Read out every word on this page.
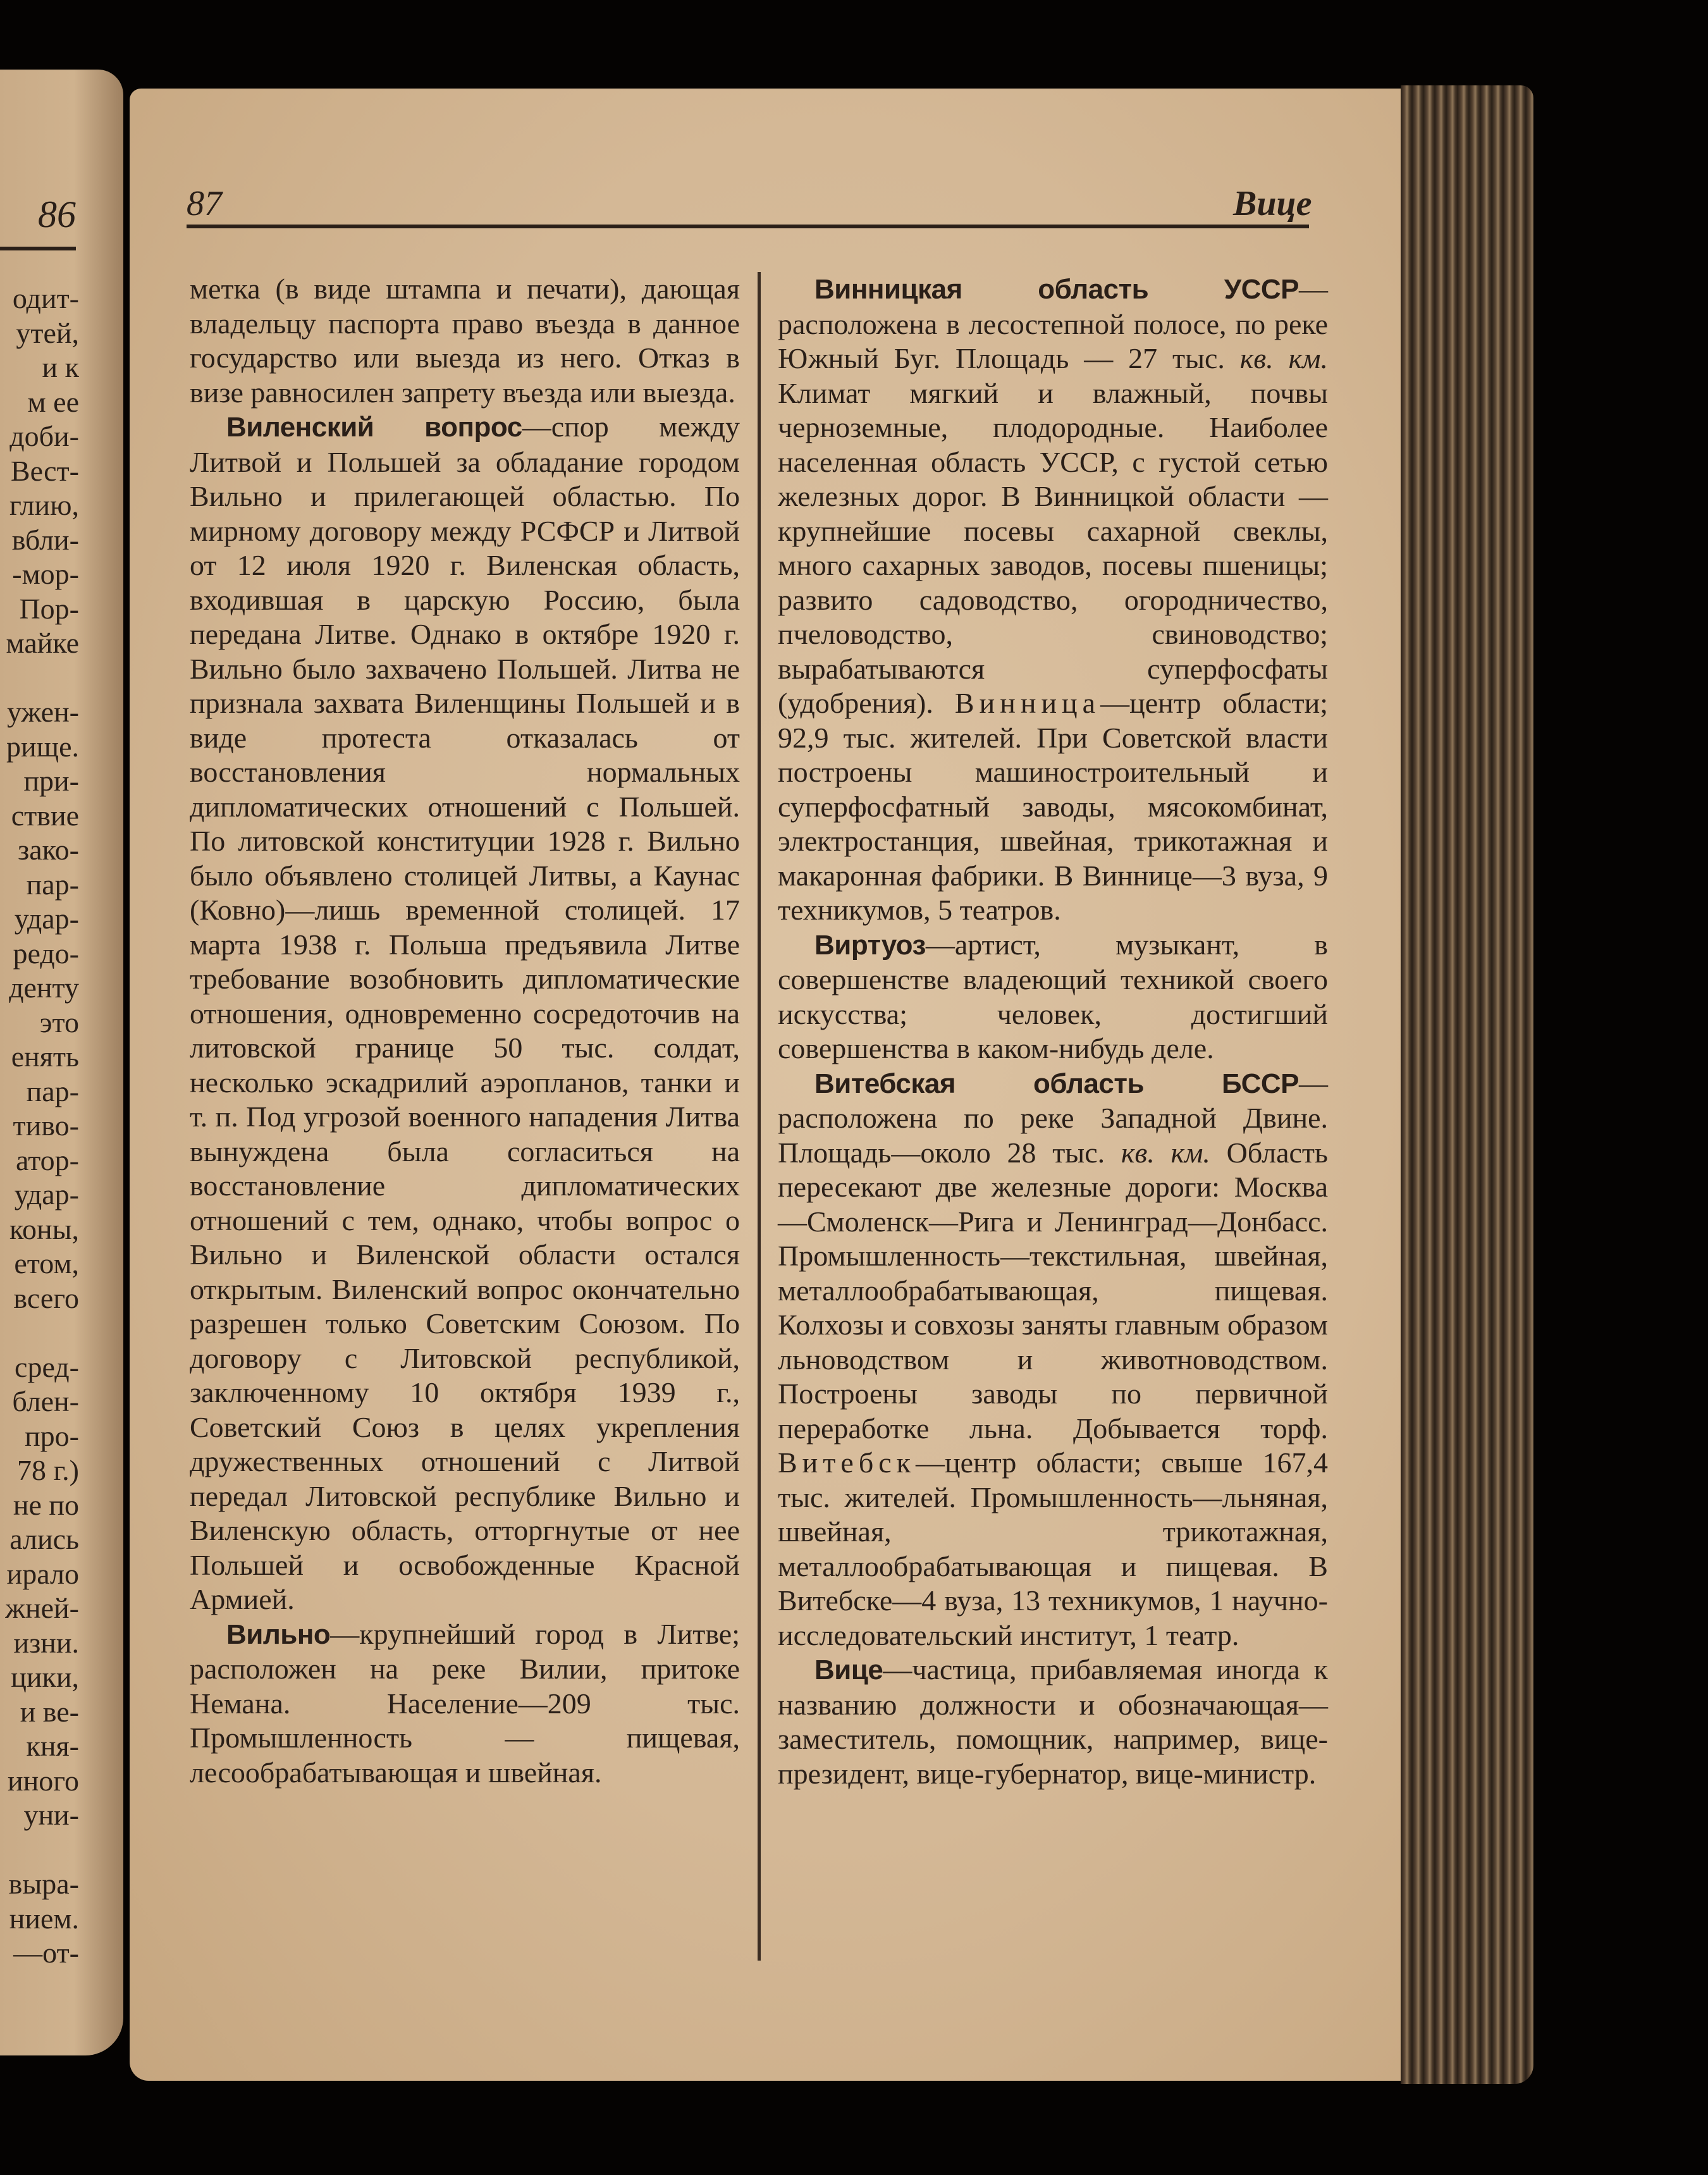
86
одит-
утей,
и к
м ее
доби-
Вест-
глию,
вбли-
-мор-
Пор-
майке
ужен-
рище.
при-
ствие
зако-
пар-
удар-
редо-
денту
это
енять
пар-
тиво-
атор-
удар-
коны,
етом,
всего
сред-
блен-
про-
78 г.)
не по
ались
ирало
жней-
изни.
цики,
и ве-
кня-
иного
уни-
выра-
нием.
—от-
87	Вице

метка (в виде штампа и печати), дающая владельцу паспорта право въезда в данное государство или выезда из него. Отказ в визе равносилен запрету въезда или выезда.

Виленский вопрос—спор между Литвой и Польшей за обладание городом Вильно и прилегающей областью. По мирному договору между РСФСР и Литвой от 12 июля 1920 г. Виленская область, входившая в царскую Россию, была передана Литве. Однако в октябре 1920 г. Вильно было захвачено Польшей. Литва не признала захвата Виленщины Польшей и в виде протеста отказалась от восстановления нормальных дипломатических отношений с Польшей. По литовской конституции 1928 г. Вильно было объявлено столицей Литвы, а Каунас (Ковно)—лишь временной столицей. 17 марта 1938 г. Польша предъявила Литве требование возобновить дипломатические отношения, одновременно сосредоточив на литовской границе 50 тыс. солдат, несколько эскадрилий аэропланов, танки и т. п. Под угрозой военного нападения Литва вынуждена была согласиться на восстановление дипломатических отношений с тем, однако, чтобы вопрос о Вильно и Виленской области остался открытым. Виленский вопрос окончательно разрешен только Советским Союзом. По договору с Литовской республикой, заключенному 10 октября 1939 г., Советский Союз в целях укрепления дружественных отношений с Литвой передал Литовской республике Вильно и Виленскую область, отторгнутые от нее Польшей и освобожденные Красной Армией.

Вильно—крупнейший город в Литве; расположен на реке Вилии, притоке Немана. Население—209 тыс. Промышленность — пищевая, лесообрабатывающая и швейная.

Винницкая область УССР—расположена в лесостепной полосе, по реке Южный Буг. Площадь — 27 тыс. кв. км. Климат мягкий и влажный, почвы черноземные, плодородные. Наиболее населенная область УССР, с густой сетью железных дорог. В Винницкой области — крупнейшие посевы сахарной свеклы, много сахарных заводов, посевы пшеницы; развито садоводство, огородничество, пчеловодство, свиноводство; вырабатываются суперфосфаты (удобрения). Винница—центр области; 92,9 тыс. жителей. При Советской власти построены машиностроительный и суперфосфатный заводы, мясокомбинат, электростанция, швейная, трикотажная и макаронная фабрики. В Виннице—3 вуза, 9 техникумов, 5 театров.

Виртуоз—артист, музыкант, в совершенстве владеющий техникой своего искусства; человек, достигший совершенства в каком-нибудь деле.

Витебская область БССР—расположена по реке Западной Двине. Площадь—около 28 тыс. кв. км. Область пересекают две железные дороги: Москва—Смоленск—Рига и Ленинград—Донбасс. Промышленность—текстильная, швейная, металлообрабатывающая, пищевая. Колхозы и совхозы заняты главным образом льноводством и животноводством. Построены заводы по первичной переработке льна. Добывается торф. Витебск—центр области; свыше 167,4 тыс. жителей. Промышленность—льняная, швейная, трикотажная, металлообрабатывающая и пищевая. В Витебске—4 вуза, 13 техникумов, 1 научно-исследовательский институт, 1 театр.

Вице—частица, прибавляемая иногда к названию должности и обозначающая—заместитель, помощник, например, вице-президент, вице-губернатор, вице-министр.
